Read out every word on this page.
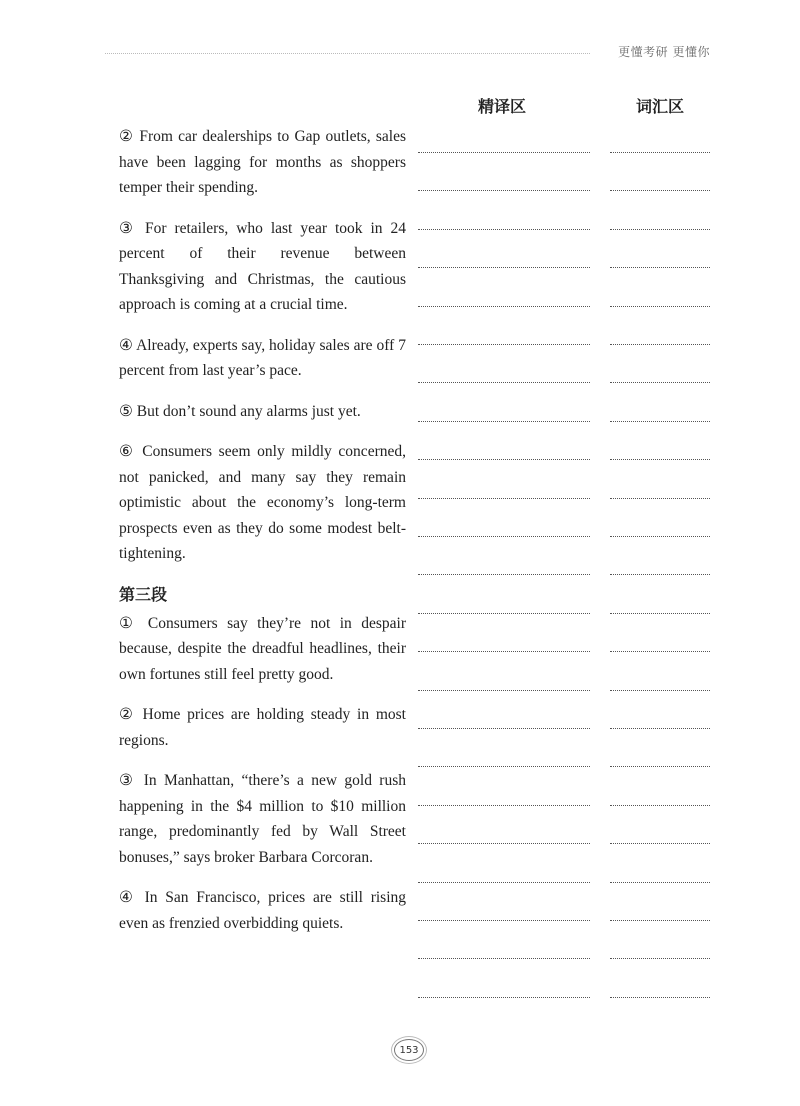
更懂考研 更懂你
精译区	词汇区

② From car dealerships to Gap outlets, sales have been lagging for months as shoppers temper their spending.

③ For retailers, who last year took in 24 percent of their revenue between Thanksgiving and Christmas, the cautious approach is coming at a crucial time.

④ Already, experts say, holiday sales are off 7 percent from last year’s pace.

⑤ But don’t sound any alarms just yet.

⑥ Consumers seem only mildly concerned, not panicked, and many say they remain optimistic about the economy’s long-term prospects even as they do some modest belt-tightening.

第三段

① Consumers say they’re not in despair because, despite the dreadful headlines, their own fortunes still feel pretty good.

② Home prices are holding steady in most regions.

③ In Manhattan, “there’s a new gold rush happening in the $4 million to $10 million range, predominantly fed by Wall Street bonuses,” says broker Barbara Corcoran.

④ In San Francisco, prices are still rising even as frenzied overbidding quiets.

153
